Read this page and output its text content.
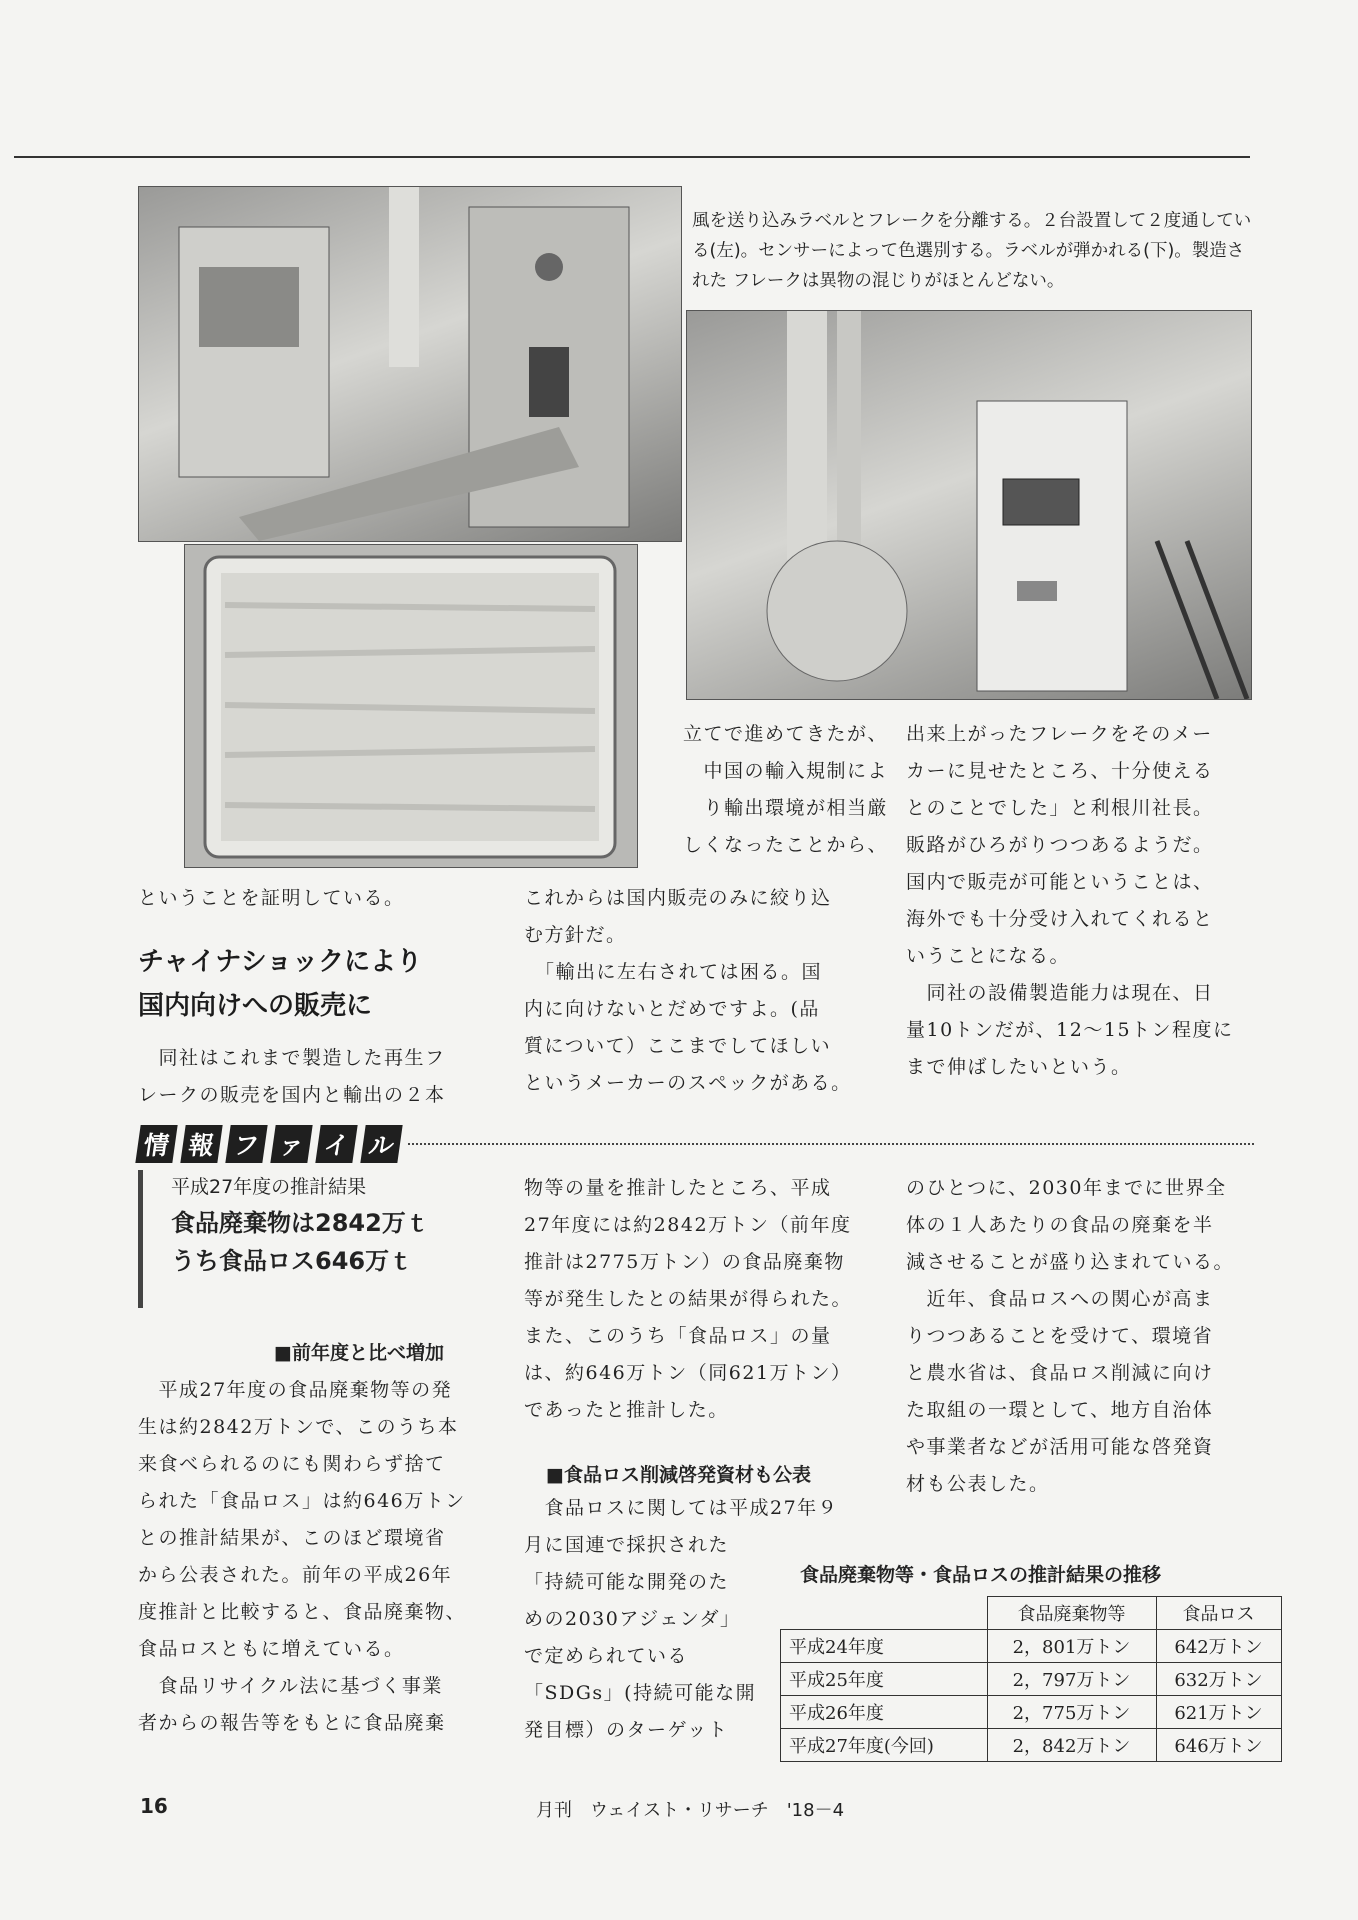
風を送り込みラベルとフレークを分離する。２台設置して２度通している(左)。センサーによって色選別する。ラベルが弾かれる(下)。製造された フレークは異物の混じりがほとんどない。
立てで進めてきたが、
中国の輸入規制によ
り輸出環境が相当厳
しくなったことから、
ということを証明している。
チャイナショックにより
国内向けへの販売に
　同社はこれまで製造した再生フ
レークの販売を国内と輸出の２本
これからは国内販売のみに絞り込
む方針だ。
　「輸出に左右されては困る。国
内に向けないとだめですよ。(品
質について）ここまでしてほしい
というメーカーのスペックがある。
出来上がったフレークをそのメー
カーに見せたところ、十分使える
とのことでした」と利根川社長。
販路がひろがりつつあるようだ。
国内で販売が可能ということは、
海外でも十分受け入れてくれると
いうことになる。
　同社の設備製造能力は現在、日
量10トンだが、12～15トン程度に
まで伸ばしたいという。
情 報 フ ァ イ ル
平成27年度の推計結果
食品廃棄物は2842万ｔ
うち食品ロス646万ｔ
■前年度と比べ増加
　平成27年度の食品廃棄物等の発
生は約2842万トンで、このうち本
来食べられるのにも関わらず捨て
られた「食品ロス」は約646万トン
との推計結果が、このほど環境省
から公表された。前年の平成26年
度推計と比較すると、食品廃棄物、
食品ロスともに増えている。
　食品リサイクル法に基づく事業
者からの報告等をもとに食品廃棄
物等の量を推計したところ、平成
27年度には約2842万トン（前年度
推計は2775万トン）の食品廃棄物
等が発生したとの結果が得られた。
また、このうち「食品ロス」の量
は、約646万トン（同621万トン）
であったと推計した。
■食品ロス削減啓発資材も公表
　食品ロスに関しては平成27年９
月に国連で採択された
「持続可能な開発のた
めの2030アジェンダ」
で定められている
「SDGs」(持続可能な開
発目標）のターゲット
のひとつに、2030年までに世界全
体の１人あたりの食品の廃棄を半
減させることが盛り込まれている。
　近年、食品ロスへの関心が高ま
りつつあることを受けて、環境省
と農水省は、食品ロス削減に向け
た取組の一環として、地方自治体
や事業者などが活用可能な啓発資
材も公表した。
食品廃棄物等・食品ロスの推計結果の推移
	食品廃棄物等	食品ロス
平成24年度	2，801万トン	642万トン
平成25年度	2，797万トン	632万トン
平成26年度	2，775万トン	621万トン
平成27年度(今回)	2，842万トン	646万トン
16	月刊　ウェイスト・リサーチ　'18－4
